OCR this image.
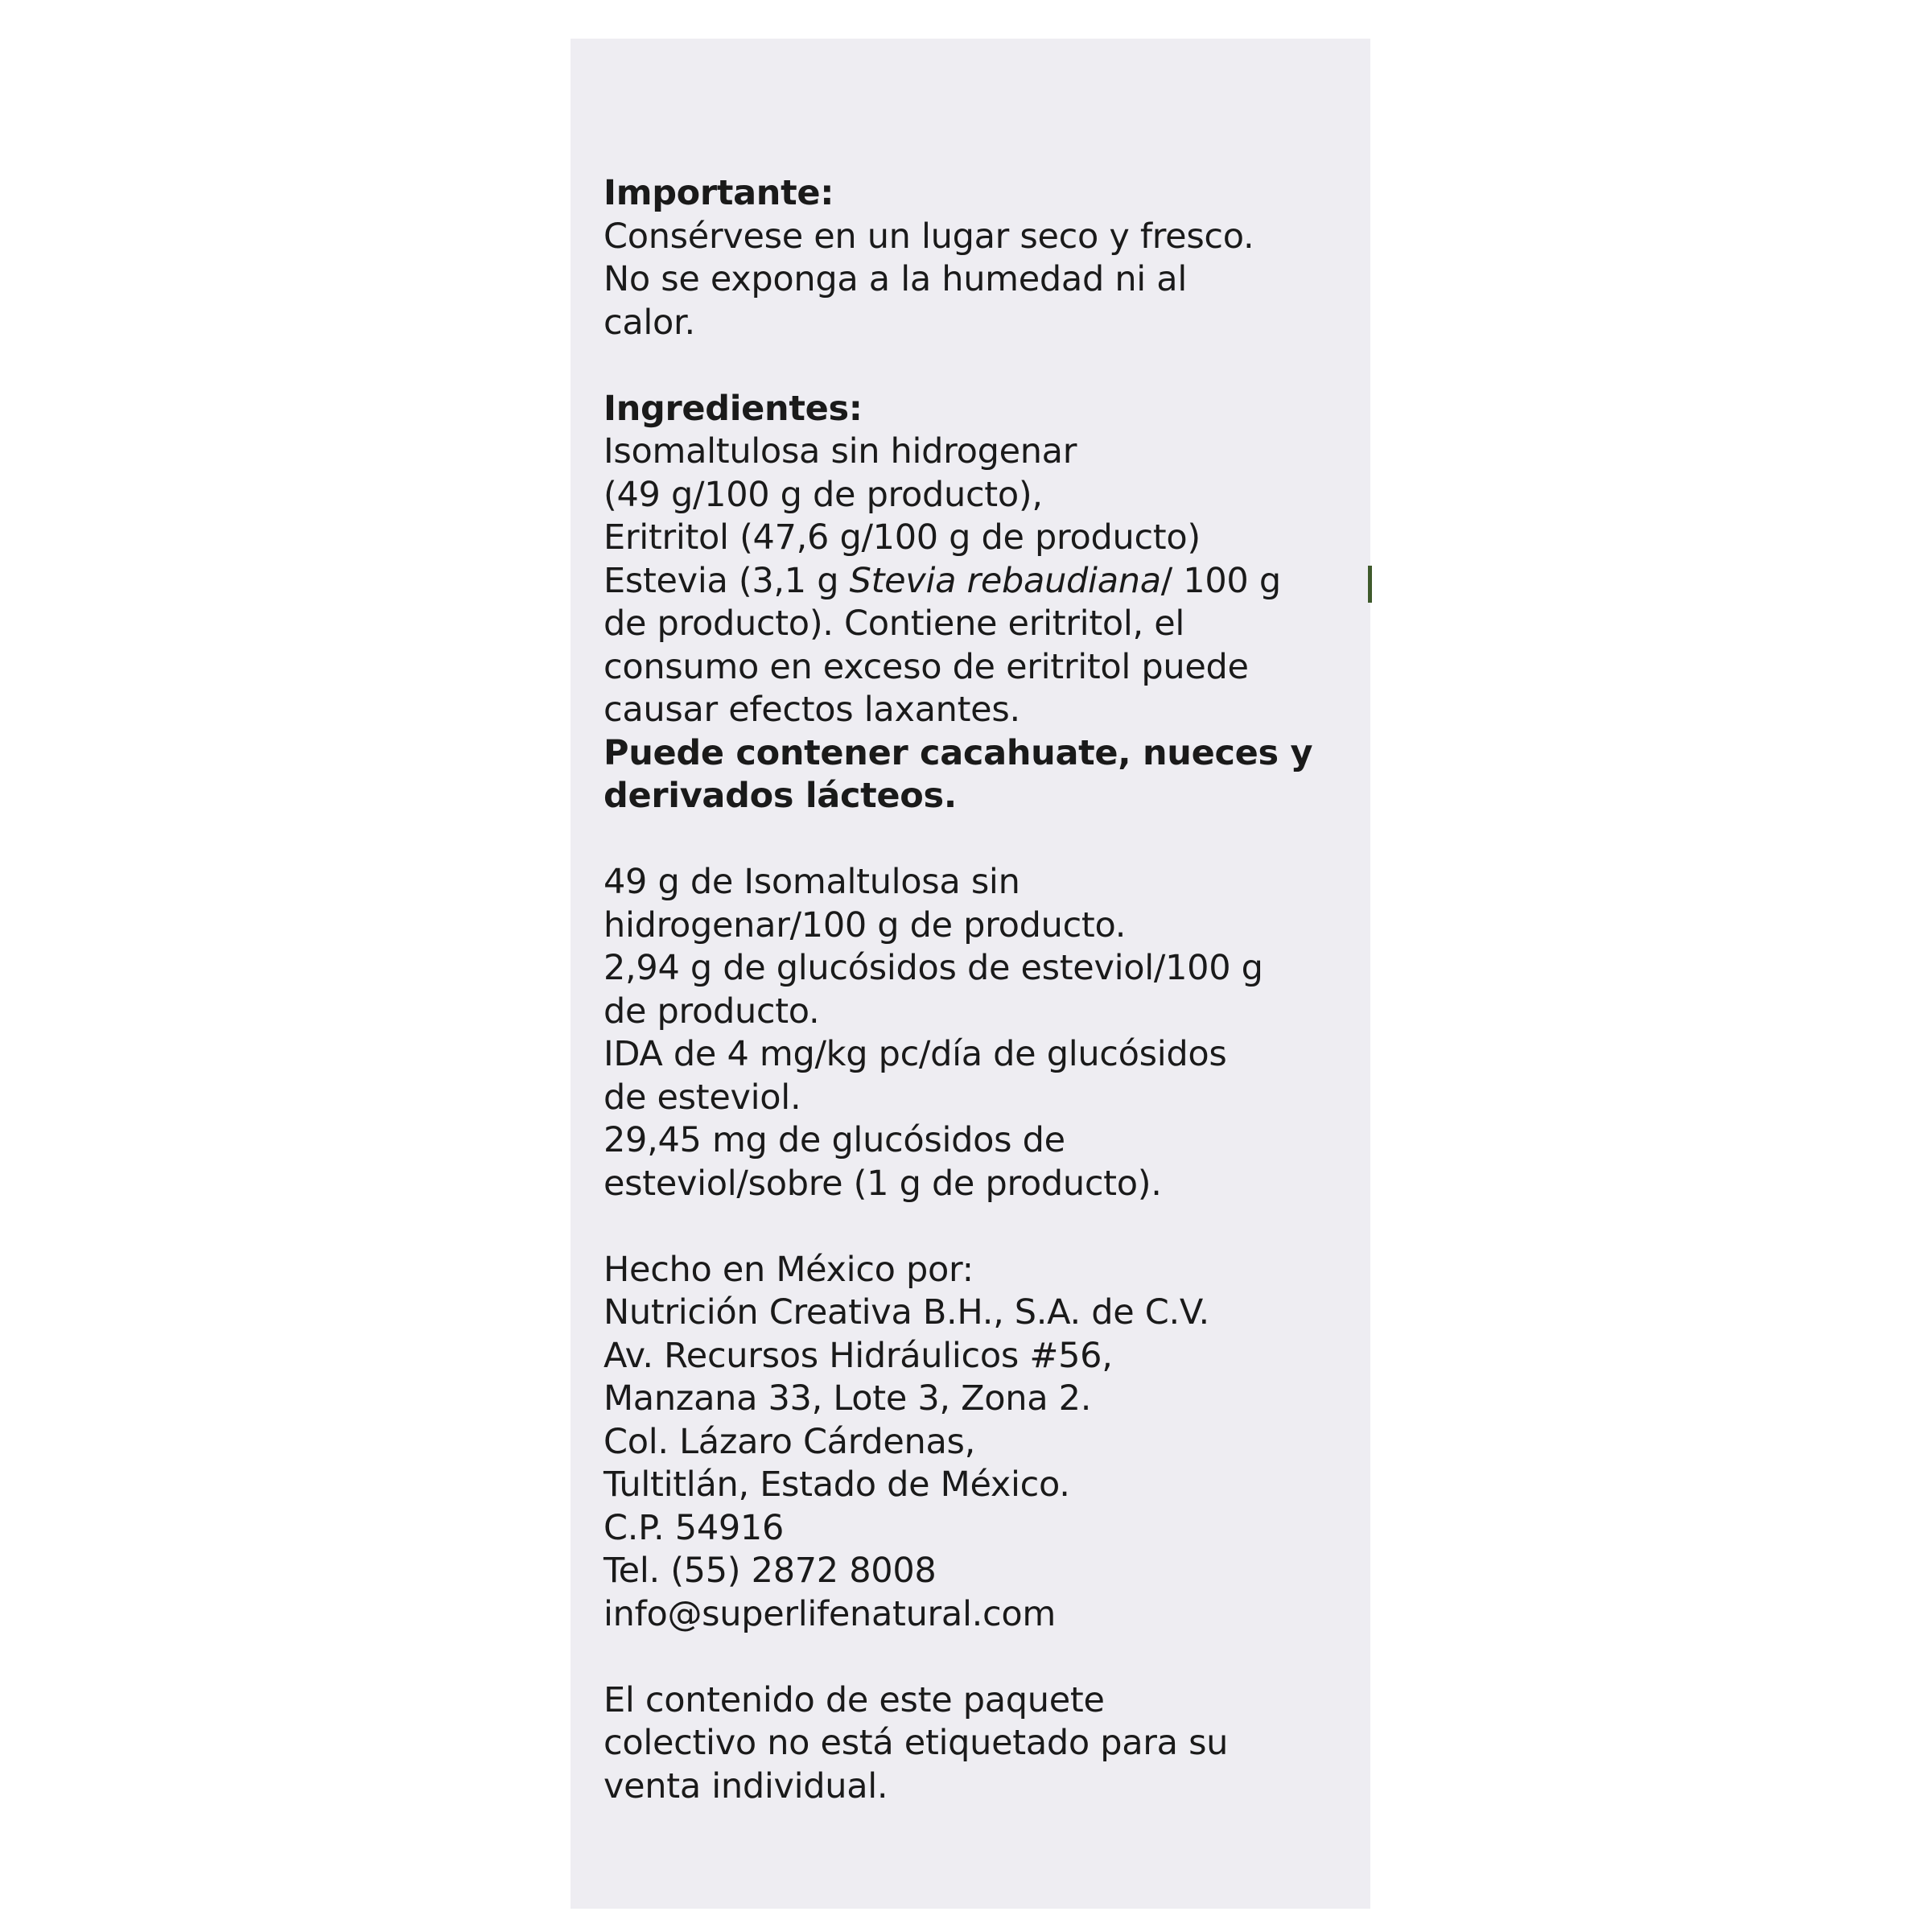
Importante:
Consérvese en un lugar seco y fresco.
No se exponga a la humedad ni al
calor.
Ingredientes:
Isomaltulosa sin hidrogenar
(49 g/100 g de producto),
Eritritol (47,6 g/100 g de producto)
Estevia (3,1 g Stevia rebaudiana/ 100 g
de producto). Contiene eritritol, el
consumo en exceso de eritritol puede
causar efectos laxantes.
Puede contener cacahuate, nueces y
derivados lácteos.
49 g de Isomaltulosa sin
hidrogenar/100 g de producto.
2,94 g de glucósidos de esteviol/100 g
de producto.
IDA de 4 mg/kg pc/día de glucósidos
de esteviol.
29,45 mg de glucósidos de
esteviol/sobre (1 g de producto).
Hecho en México por:
Nutrición Creativa B.H., S.A. de C.V.
Av. Recursos Hidráulicos #56,
Manzana 33, Lote 3, Zona 2.
Col. Lázaro Cárdenas,
Tultitlán, Estado de México.
C.P. 54916
Tel. (55) 2872 8008
info@superlifenatural.com
El contenido de este paquete
colectivo no está etiquetado para su
venta individual.
